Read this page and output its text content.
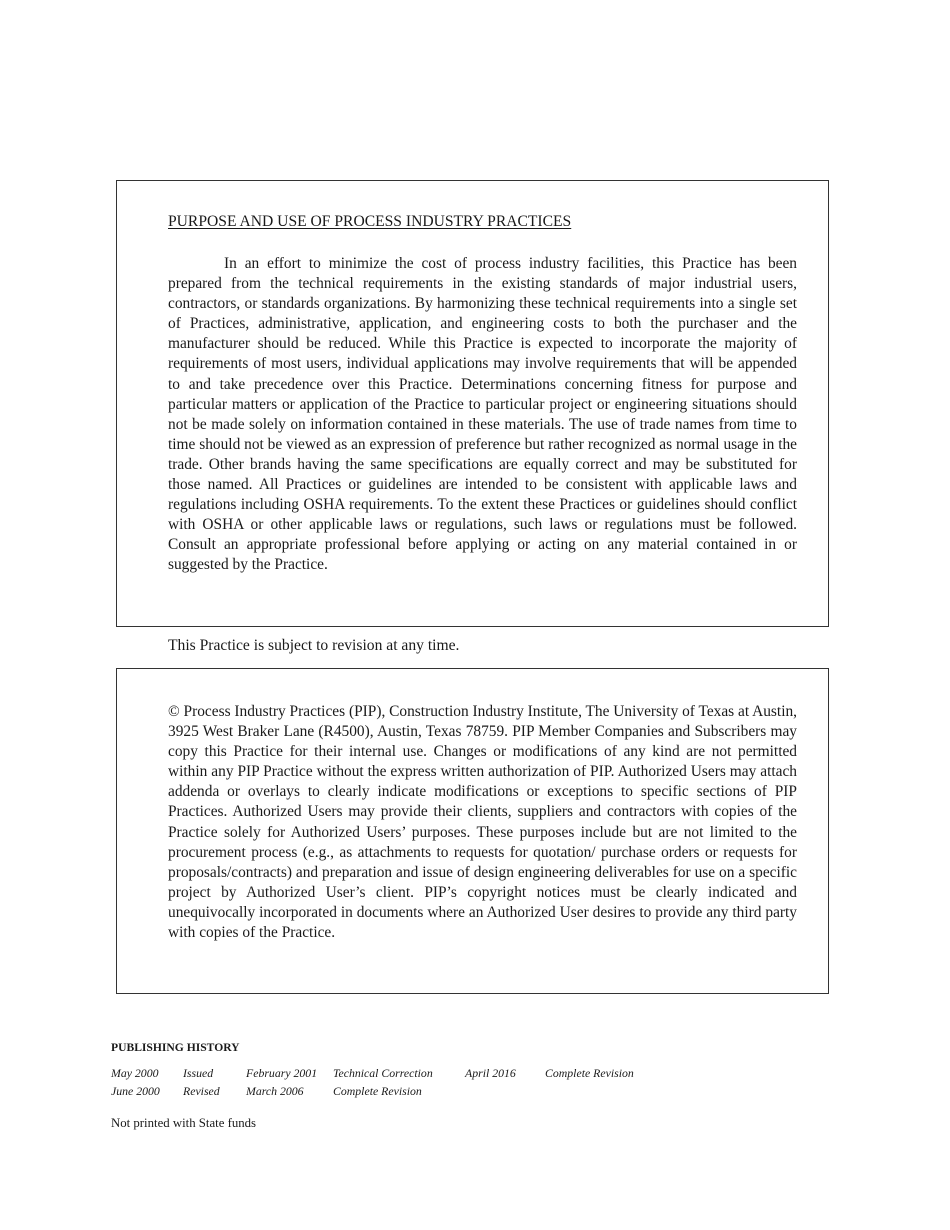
PURPOSE AND USE OF PROCESS INDUSTRY PRACTICES

In an effort to minimize the cost of process industry facilities, this Practice has been prepared from the technical requirements in the existing standards of major industrial users, contractors, or standards organizations. By harmonizing these technical requirements into a single set of Practices, administrative, application, and engineering costs to both the purchaser and the manufacturer should be reduced. While this Practice is expected to incorporate the majority of requirements of most users, individual applications may involve requirements that will be appended to and take precedence over this Practice. Determinations concerning fitness for purpose and particular matters or application of the Practice to particular project or engineering situations should not be made solely on information contained in these materials. The use of trade names from time to time should not be viewed as an expression of preference but rather recognized as normal usage in the trade. Other brands having the same specifications are equally correct and may be substituted for those named. All Practices or guidelines are intended to be consistent with applicable laws and regulations including OSHA requirements. To the extent these Practices or guidelines should conflict with OSHA or other applicable laws or regulations, such laws or regulations must be followed. Consult an appropriate professional before applying or acting on any material contained in or suggested by the Practice.

This Practice is subject to revision at any time.

© Process Industry Practices (PIP), Construction Industry Institute, The University of Texas at Austin, 3925 West Braker Lane (R4500), Austin, Texas 78759. PIP Member Companies and Subscribers may copy this Practice for their internal use. Changes or modifications of any kind are not permitted within any PIP Practice without the express written authorization of PIP. Authorized Users may attach addenda or overlays to clearly indicate modifications or exceptions to specific sections of PIP Practices. Authorized Users may provide their clients, suppliers and contractors with copies of the Practice solely for Authorized Users’ purposes. These purposes include but are not limited to the procurement process (e.g., as attachments to requests for quotation/ purchase orders or requests for proposals/contracts) and preparation and issue of design engineering deliverables for use on a specific project by Authorized User’s client. PIP’s copyright notices must be clearly indicated and unequivocally incorporated in documents where an Authorized User desires to provide any third party with copies of the Practice.

PUBLISHING HISTORY
May 2000 Issued	February 2001 Technical Correction	April 2016 Complete Revision
June 2000 Revised March 2006 Complete Revision

Not printed with State funds
